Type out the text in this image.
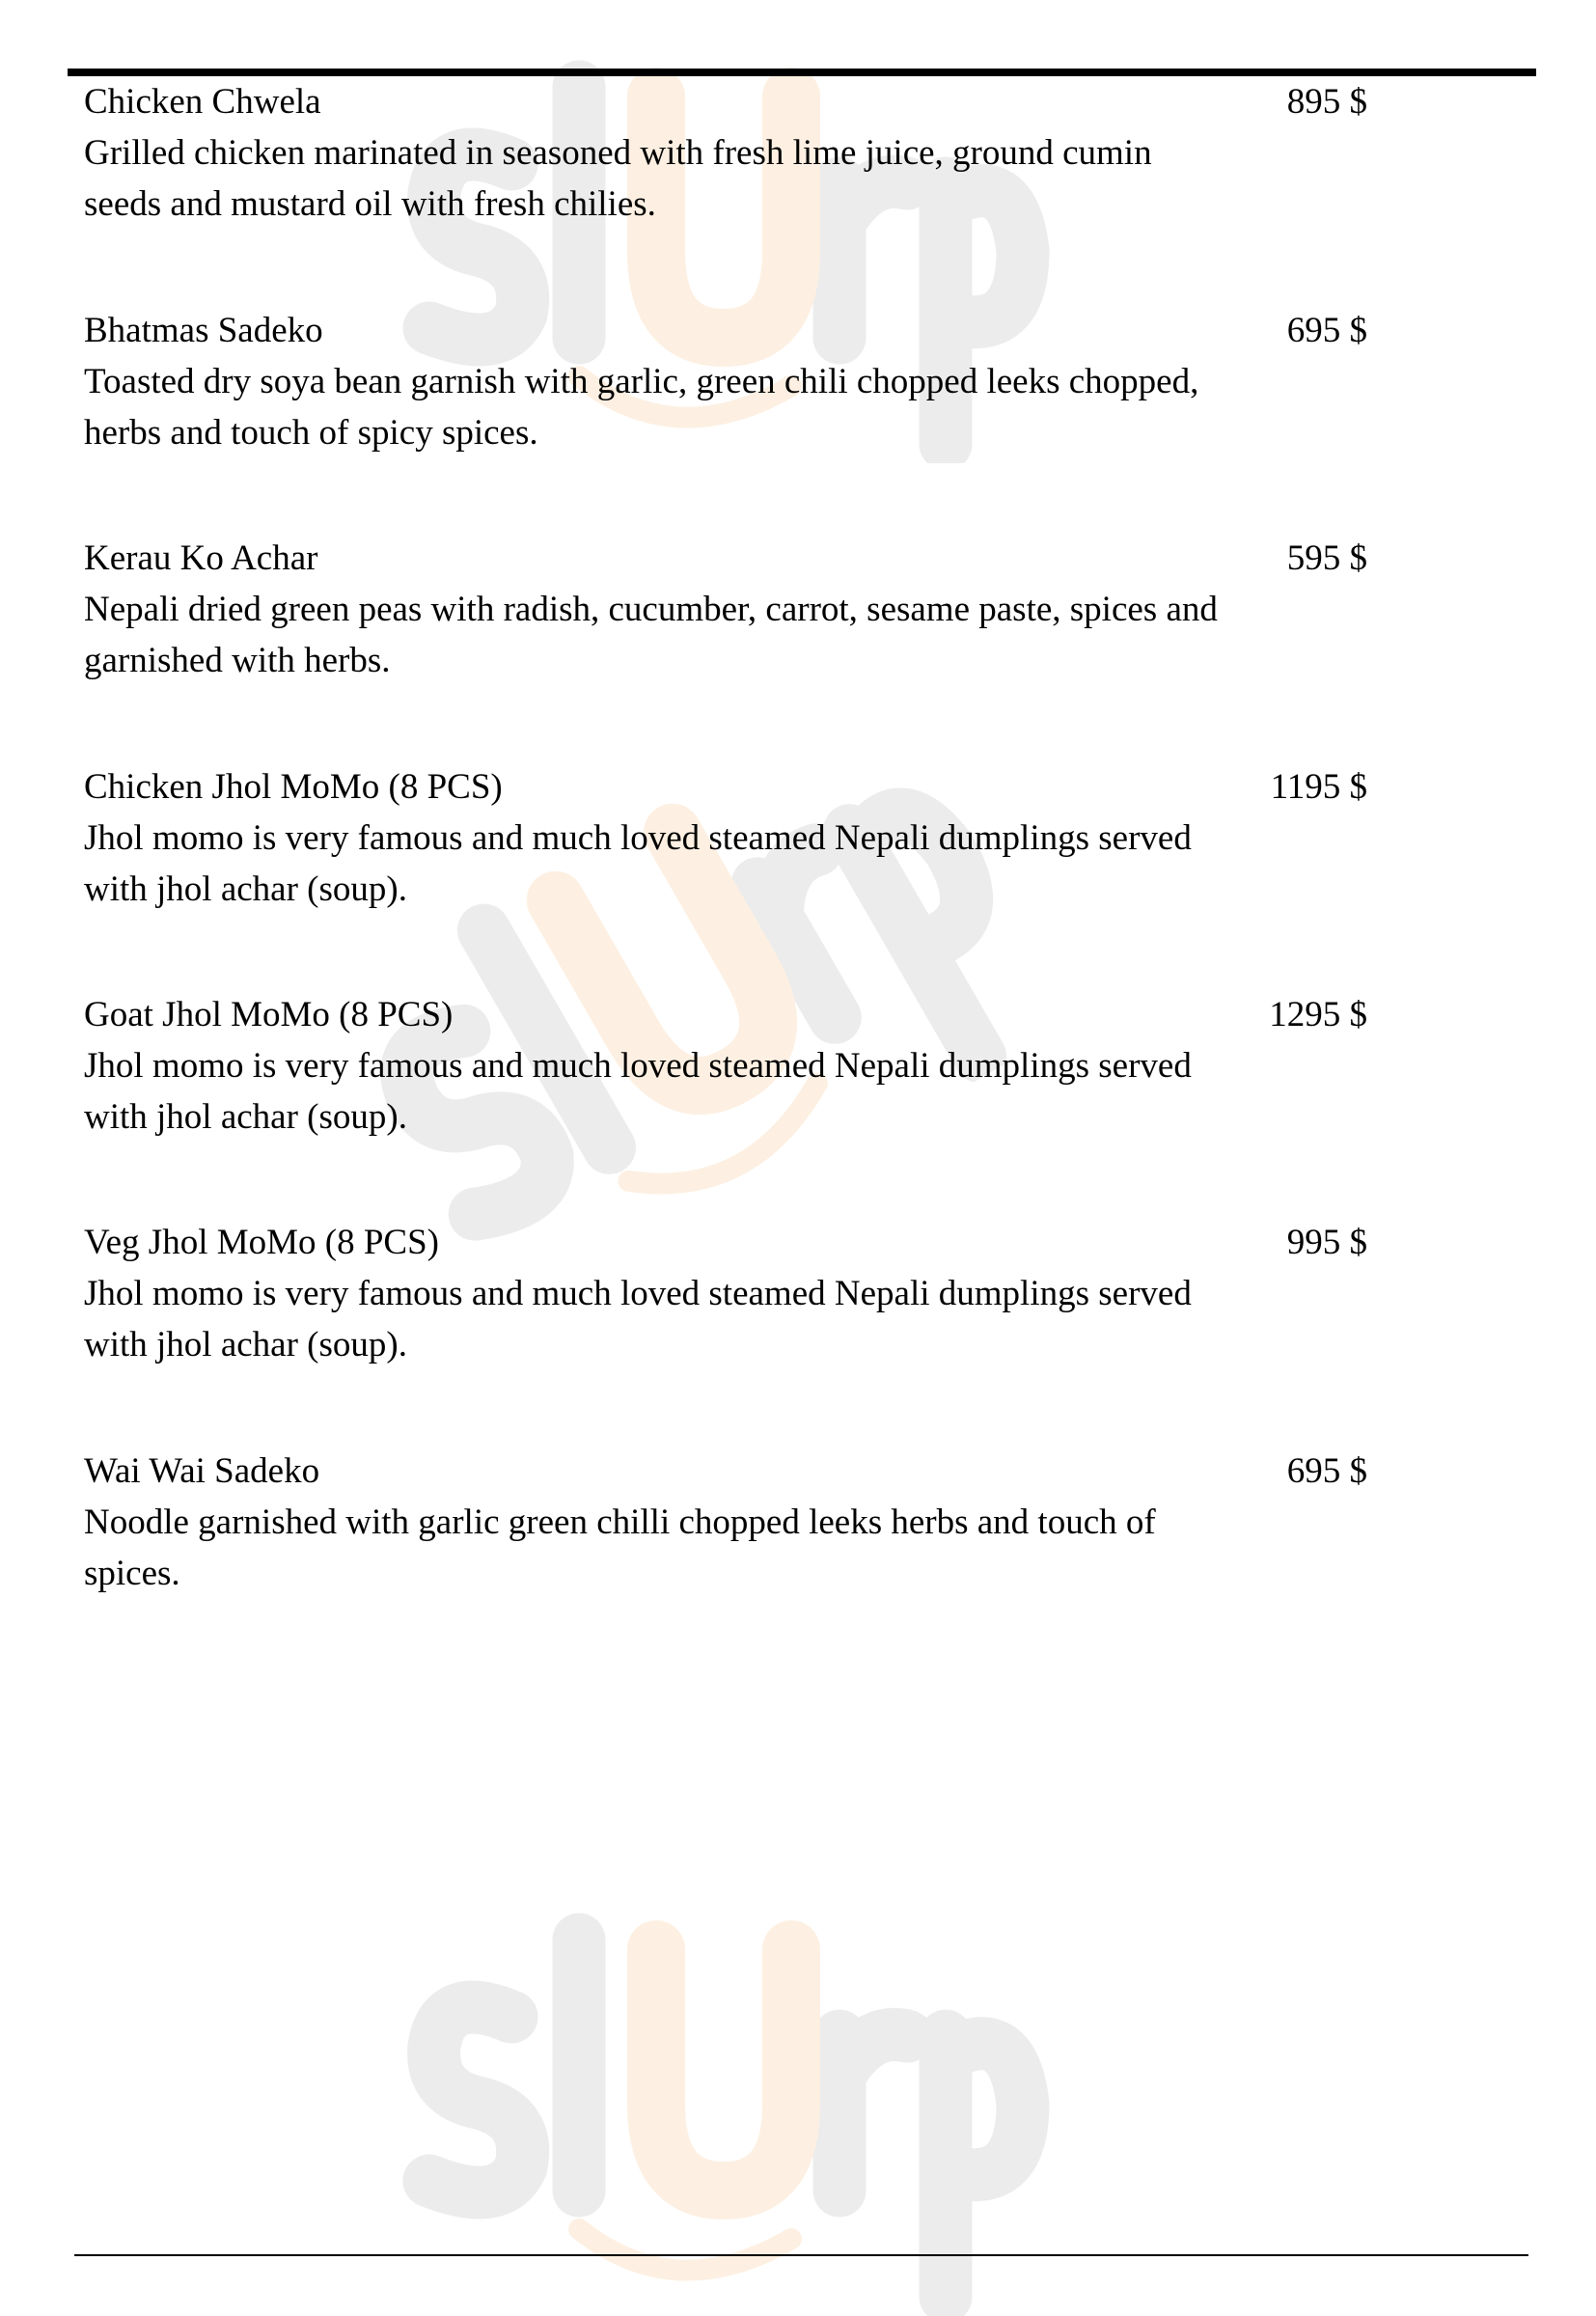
Chicken Chwela	895 $
Grilled chicken marinated in seasoned with fresh lime juice, ground cumin seeds and mustard oil with fresh chilies.
Bhatmas Sadeko	695 $
Toasted dry soya bean garnish with garlic, green chili chopped leeks chopped, herbs and touch of spicy spices.
Kerau Ko Achar	595 $
Nepali dried green peas with radish, cucumber, carrot, sesame paste, spices and garnished with herbs.
Chicken Jhol MoMo (8 PCS)	1195 $
Jhol momo is very famous and much loved steamed Nepali dumplings served with jhol achar (soup).
Goat Jhol MoMo (8 PCS)	1295 $
Jhol momo is very famous and much loved steamed Nepali dumplings served with jhol achar (soup).
Veg Jhol MoMo (8 PCS)	995 $
Jhol momo is very famous and much loved steamed Nepali dumplings served with jhol achar (soup).
Wai Wai Sadeko	695 $
Noodle garnished with garlic green chilli chopped leeks herbs and touch of spices.
